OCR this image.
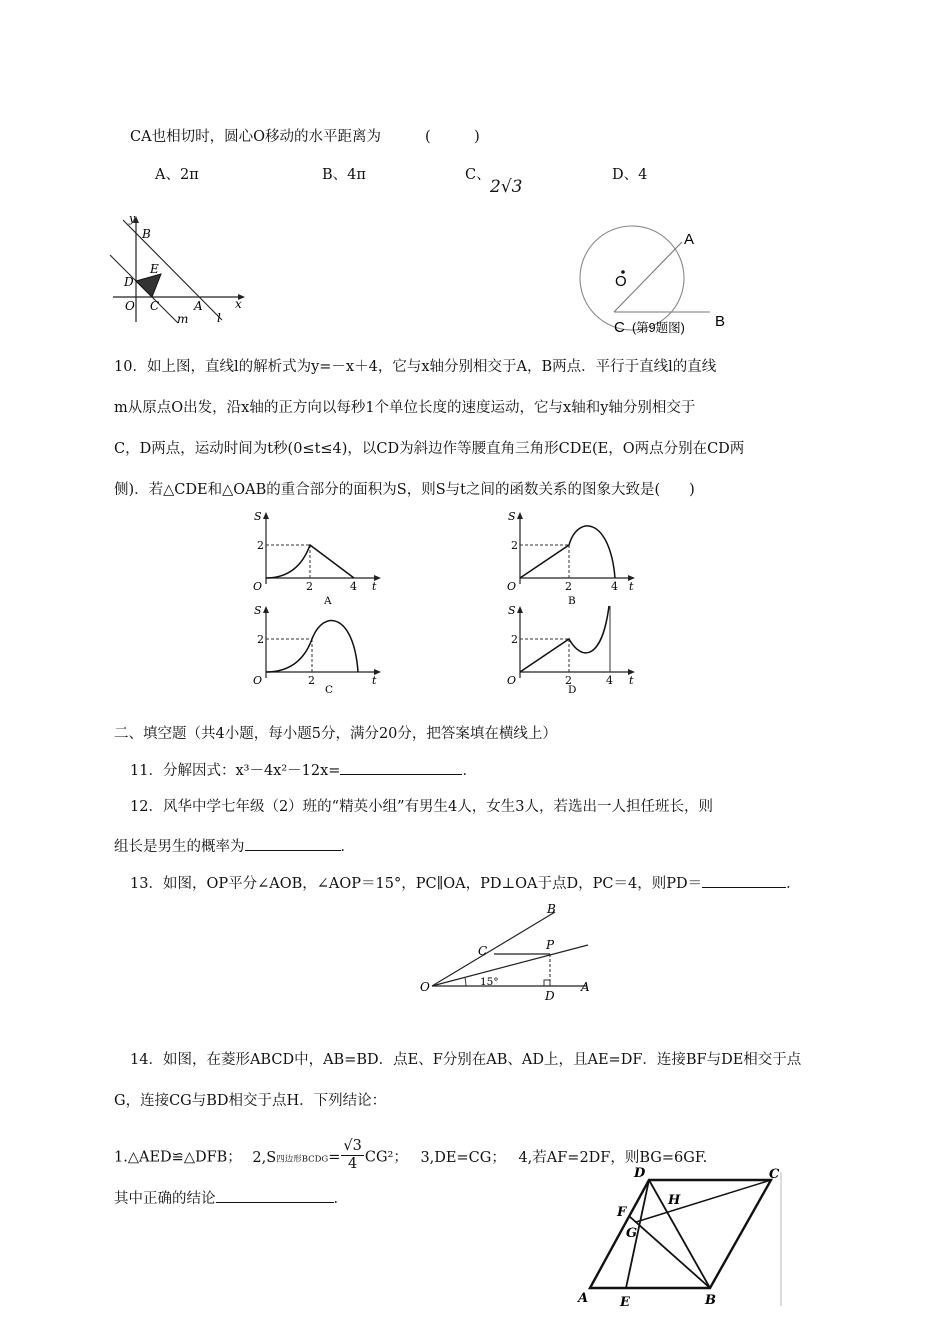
CA也相切时，圆心O移动的水平距离为	(　　　)
A、2π	B、4π	C、
2√3
D、4
y
B
E
D
O C	A	x
m l
A
O
C (第9题图) B
10．如上图，直线l的解析式为y=－x＋4，它与x轴分别相交于A，B两点．平行于直线l的直线
m从原点O出发，沿x轴的正方向以每秒1个单位长度的速度运动，它与x轴和y轴分别相交于
C，D两点，运动时间为t秒(0≤t≤4)，以CD为斜边作等腰直角三角形CDE(E，O两点分别在CD两
侧)．若△CDE和△OAB的重合部分的面积为S，则S与t之间的函数关系的图象大致是(　　)
S
2
O	2	4 t
A
S
2
O	2	4 t
B
S
2
O	2	t
C
S
2
O	2	4 t
D
二、填空题（共4小题，每小题5分，满分20分，把答案填在横线上）
11．分解因式：x³－4x²－12x=	．
12．风华中学七年级（2）班的“精英小组”有男生4人，女生3人，若选出一人担任班长，则
组长是男生的概率为	．
13．如图，OP平分∠AOB，∠AOP＝15°，PC∥OA，PD⊥OA于点D，PC＝4，则PD＝	．
B
C	P
O	15°
D
A
14．如图，在菱形ABCD中，AB=BD．点E、F分别在AB、AD上，且AE=DF．连接BF与DE相交于点
G，连接CG与BD相交于点H．下列结论：
1.△AED≌△DFB； 2,S四边形BCDG= $\frac{√3}{4} CG^2$； 3,DE=CG； 4,若AF=2DF，则BG=6GF.
其中正确的结论	．
D	C
H
F
G
A E	B
